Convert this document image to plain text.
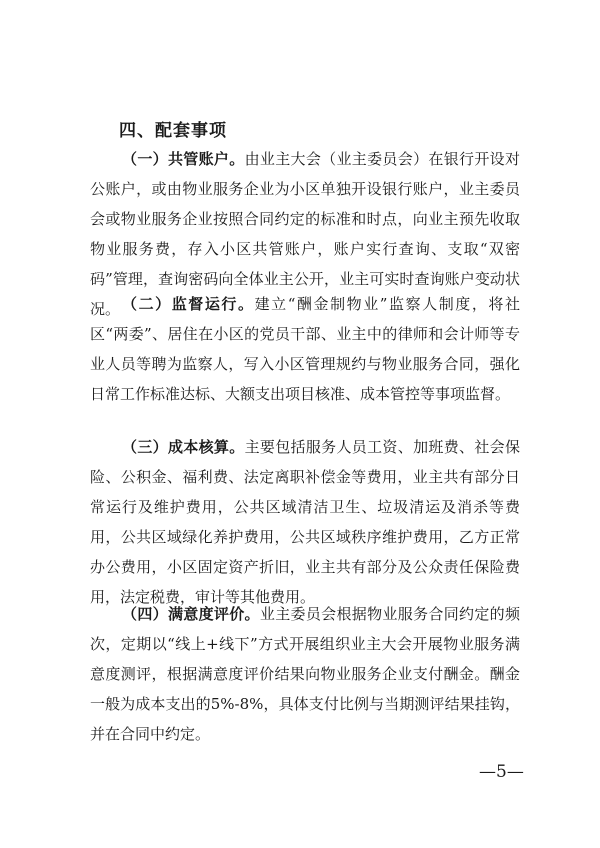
四、配套事项

（一）共管账户。由业主大会（业主委员会）在银行开设对公账户，或由物业服务企业为小区单独开设银行账户，业主委员会或物业服务企业按照合同约定的标准和时点，向业主预先收取物业服务费，存入小区共管账户，账户实行查询、支取“双密码”管理，查询密码向全体业主公开，业主可实时查询账户变动状况。 （二）监督运行。建立“酬金制物业”监察人制度，将社区“两委”、居住在小区的党员干部、业主中的律师和会计师等专业人员等聘为监察人，写入小区管理规约与物业服务合同，强化日常工作标准达标、大额支出项目核准、成本管控等事项监督。

（三）成本核算。主要包括服务人员工资、加班费、社会保险、公积金、福利费、法定离职补偿金等费用，业主共有部分日常运行及维护费用，公共区域清洁卫生、垃圾清运及消杀等费用，公共区域绿化养护费用，公共区域秩序维护费用，乙方正常办公费用，小区固定资产折旧，业主共有部分及公众责任保险费用，法定税费，审计等其他费用。

（四）满意度评价。业主委员会根据物业服务合同约定的频次，定期以“线上+线下”方式开展组织业主大会开展物业服务满意度测评，根据满意度评价结果向物业服务企业支付酬金。酬金一般为成本支出的5%-8%，具体支付比例与当期测评结果挂钩，并在合同中约定。

—5—
